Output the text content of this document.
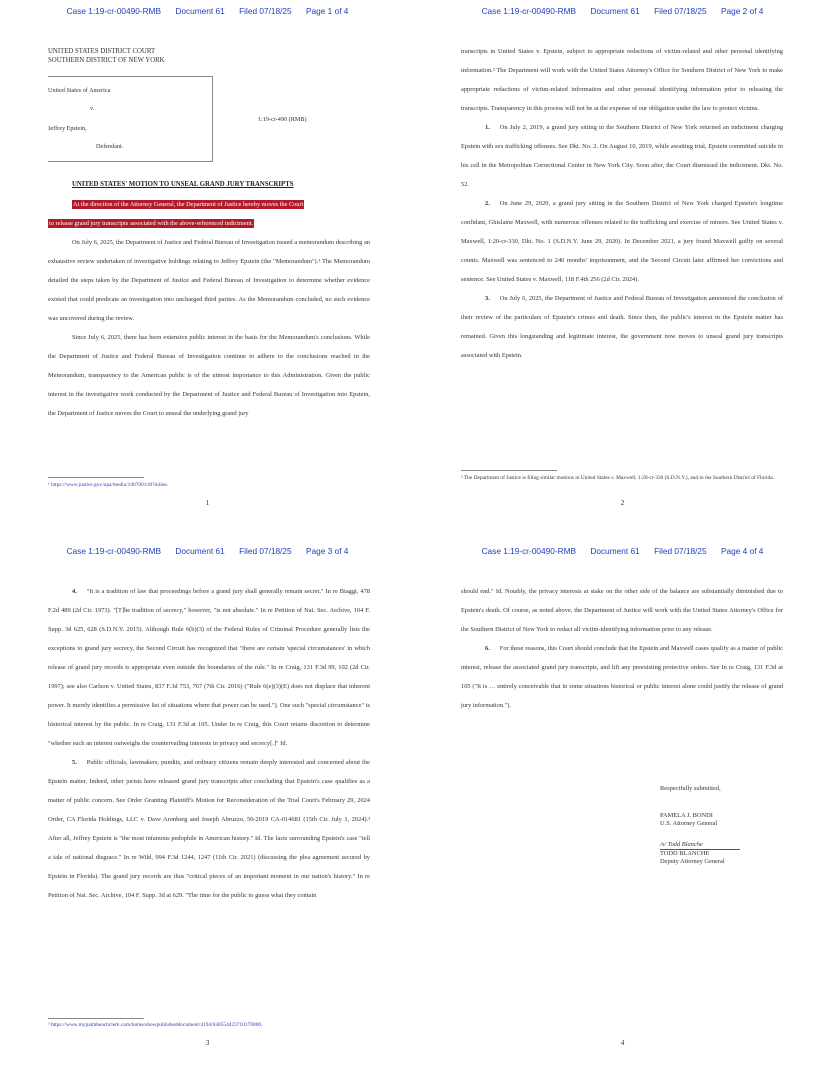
Case 1:19-cr-00490-RMB Document 61 Filed 07/18/25 Page 1 of 4
UNITED STATES DISTRICT COURT
SOUTHERN DISTRICT OF NEW YORK
United States of America
v.
Jeffrey Epstein,
Defendant.
1:19-cr-490 (RMB)
UNITED STATES' MOTION TO UNSEAL GRAND JURY TRANSCRIPTS
At the direction of the Attorney General, the Department of Justice hereby moves the Court
to release grand jury transcripts associated with the above-referenced indictment.

On July 6, 2025, the Department of Justice and Federal Bureau of Investigation issued a memorandum describing an exhaustive review undertaken of investigative holdings relating to Jeffrey Epstein (the "Memorandum").¹ The Memorandum detailed the steps taken by the Department of Justice and Federal Bureau of Investigation to determine whether evidence existed that could predicate an investigation into uncharged third parties. As the Memorandum concluded, no such evidence was uncovered during the review.

Since July 6, 2025, there has been extensive public interest in the basis for the Memorandum's conclusions. While the Department of Justice and Federal Bureau of Investigation continue to adhere to the conclusions reached in the Memorandum, transparency to the American public is of the utmost importance to this Administration. Given the public interest in the investigative work conducted by the Department of Justice and Federal Bureau of Investigation into Epstein, the Department of Justice moves the Court to unseal the underlying grand jury

¹ https://www.justice.gov/opa/media/1407001/dl?inline.
1
Case 1:19-cr-00490-RMB Document 61 Filed 07/18/25 Page 2 of 4

transcripts in United States v. Epstein, subject to appropriate redactions of victim-related and other personal identifying information.² The Department will work with the United States Attorney's Office for Southern District of New York to make appropriate redactions of victim-related information and other personal identifying information prior to releasing the transcripts. Transparency in this process will not be at the expense of our obligation under the law to protect victims.

1. On July 2, 2019, a grand jury sitting in the Southern District of New York returned an indictment charging Epstein with sex trafficking offenses. See Dkt. No. 2. On August 10, 2019, while awaiting trial, Epstein committed suicide in his cell in the Metropolitan Correctional Center in New York City. Soon after, the Court dismissed the indictment. Dkt. No. 52.

2. On June 29, 2020, a grand jury sitting in the Southern District of New York charged Epstein's longtime confidant, Ghislaine Maxwell, with numerous offenses related to the trafficking and exercise of minors. See United States v. Maxwell, 1:20-cr-330, Dkt. No. 1 (S.D.N.Y. June 29, 2020). In December 2021, a jury found Maxwell guilty on several counts. Maxwell was sentenced to 240 months' imprisonment, and the Second Circuit later affirmed her convictions and sentence. See United States v. Maxwell, 118 F.4th 256 (2d Cir. 2024).

3. On July 6, 2025, the Department of Justice and Federal Bureau of Investigation announced the conclusion of their review of the particulars of Epstein's crimes and death. Since then, the public's interest in the Epstein matter has remained. Given this longstanding and legitimate interest, the government now moves to unseal grand jury transcripts associated with Epstein.

² The Department of Justice is filing similar motions in United States v. Maxwell, 1:20-cr-330 (S.D.N.Y.), and in the Southern District of Florida.
2
Case 1:19-cr-00490-RMB Document 61 Filed 07/18/25 Page 3 of 4

4. "It is a tradition of law that proceedings before a grand jury shall generally remain secret." In re Biaggi, 478 F.2d 489 (2d Cir. 1973). "[T]he tradition of secrecy," however, "is not absolute." In re Petition of Nat. Sec. Archive, 104 F. Supp. 3d 625, 628 (S.D.N.Y. 2015). Although Rule 6(b)(3) of the Federal Rules of Criminal Procedure generally lists the exceptions to grand jury secrecy, the Second Circuit has recognized that "there are certain 'special circumstances' in which release of grand jury records is appropriate even outside the boundaries of the rule." In re Craig, 131 F.3d 99, 102 (2d Cir. 1997); see also Carlson v. United States, 837 F.3d 753, 767 (7th Cir. 2016) ("Rule 6(e)(3)(E) does not displace that inherent power. It merely identifies a permissive list of situations where that power can be used."). One such "special circumstance" is historical interest by the public. In re Craig, 131 F.3d at 105. Under In re Craig, this Court retains discretion to determine "whether such an interest outweighs the countervailing interests in privacy and secrecy[.]" Id.

5. Public officials, lawmakers, pundits, and ordinary citizens remain deeply interested and concerned about the Epstein matter. Indeed, other jurists have released grand jury transcripts after concluding that Epstein's case qualifies as a matter of public concern. See Order Granting Plaintiff's Motion for Reconsideration of the Trial Court's February 29, 2024 Order, CA Florida Holdings, LLC v. Dave Aronberg and Joseph Abruzzo, 50-2019 CA-014681 (15th Cir. July 1, 2024).³ After all, Jeffrey Epstein is "the most infamous pedophile in American history." Id. The facts surrounding Epstein's case "tell a tale of national disgrace." In re Wild, 994 F.3d 1244, 1247 (11th Cir. 2021) (discussing the plea agreement secured by Epstein in Florida). The grand jury records are thus "critical pieces of an important moment in our nation's history." In re Petition of Nat. Sec. Archive, 104 F. Supp. 3d at 629. "The time for the public to guess what they contain

³ https://www.mypalmbeachclerk.com/home/showpublisheddocument/4194/638554423710170000.
3
Case 1:19-cr-00490-RMB Document 61 Filed 07/18/25 Page 4 of 4

should end." Id. Notably, the privacy interests at stake on the other side of the balance are substantially diminished due to Epstein's death. Of course, as noted above, the Department of Justice will work with the United States Attorney's Office for the Southern District of New York to redact all victim-identifying information prior to any release.

6. For these reasons, this Court should conclude that the Epstein and Maxwell cases qualify as a matter of public interest, release the associated grand jury transcripts, and lift any preexisting protective orders. See In re Craig, 131 F.3d at 105 ("It is … entirely conceivable that in some situations historical or public interest alone could justify the release of grand jury information.").

Respectfully submitted,
PAMELA J. BONDI
U.S. Attorney General
/s/ Todd Blanche
TODD BLANCHE
Deputy Attorney General
4
